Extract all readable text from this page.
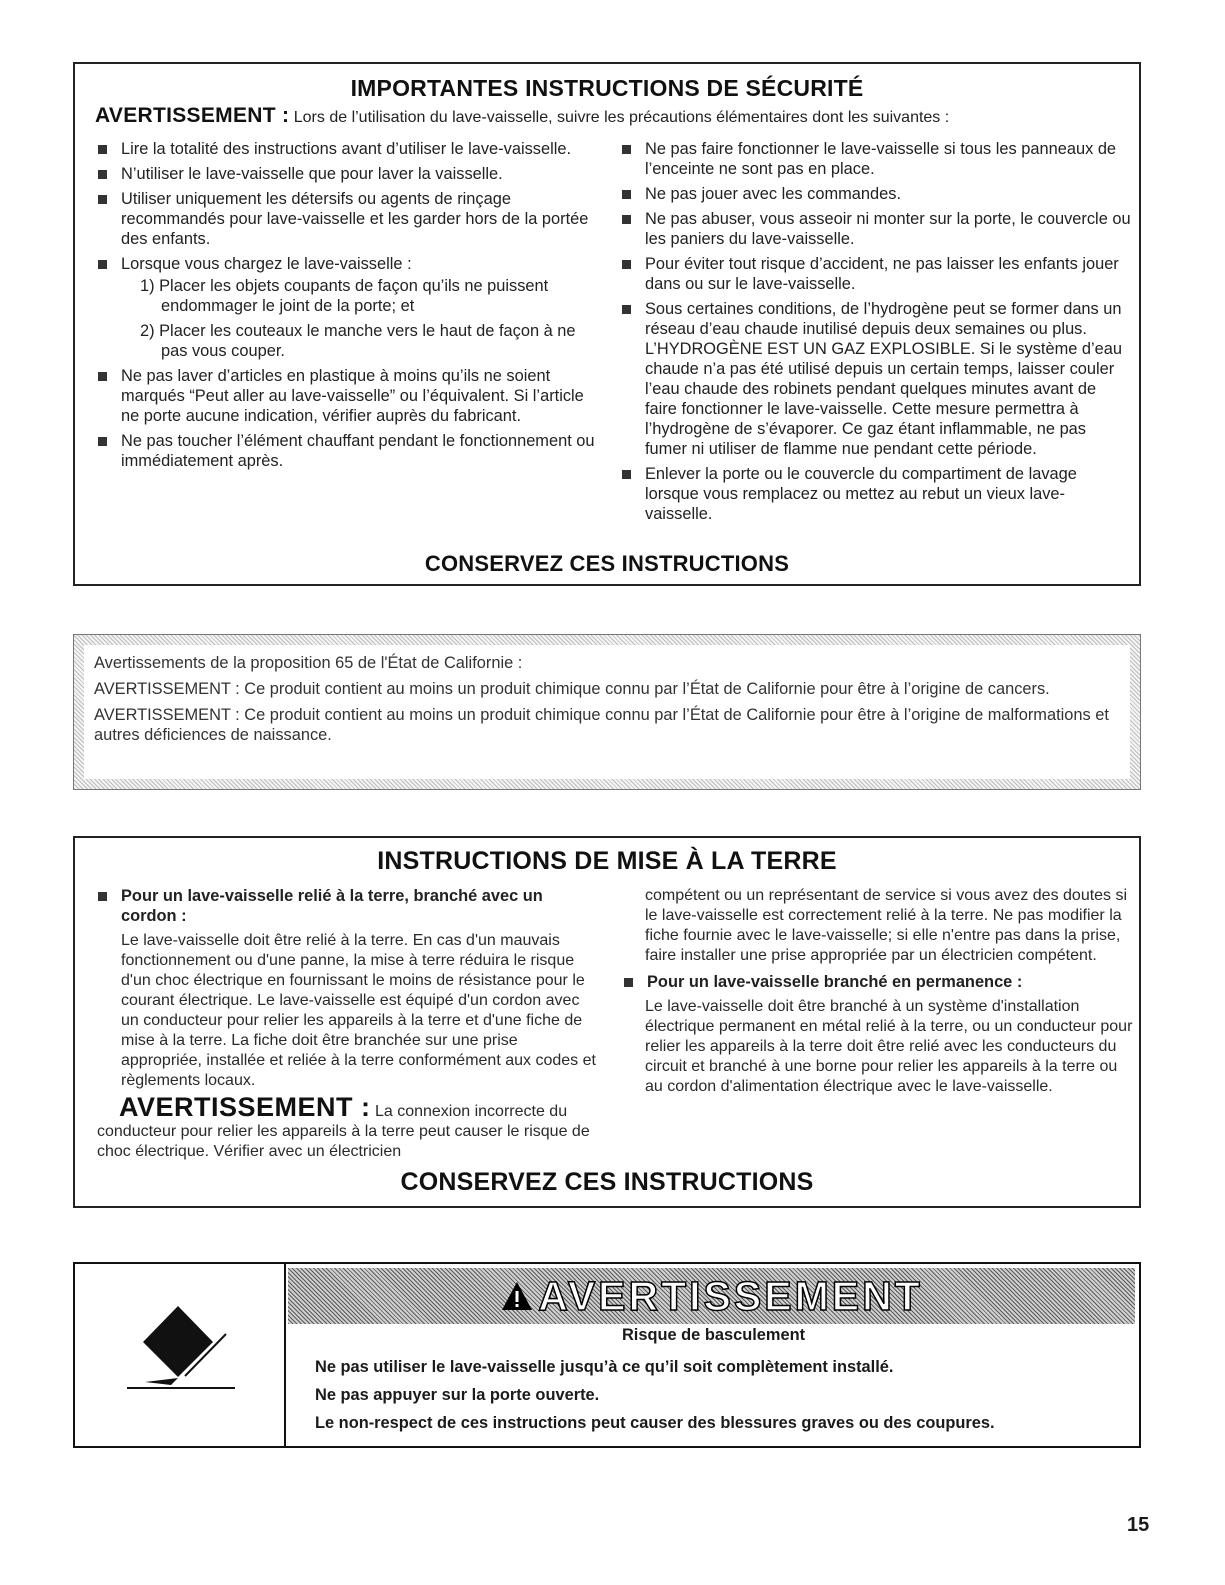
IMPORTANTES INSTRUCTIONS DE SÉCURITÉ
AVERTISSEMENT : Lors de l’utilisation du lave-vaisselle, suivre les précautions élémentaires dont les suivantes :
Lire la totalité des instructions avant d’utiliser le lave-vaisselle.
N’utiliser le lave-vaisselle que pour laver la vaisselle.
Utiliser uniquement les détersifs ou agents de rinçage recommandés pour lave-vaisselle et les garder hors de la portée des enfants.
Lorsque vous chargez le lave-vaisselle :
1) Placer les objets coupants de façon qu’ils ne puissent endommager le joint de la porte; et
2) Placer les couteaux le manche vers le haut de façon à ne pas vous couper.
Ne pas laver d’articles en plastique à moins qu’ils ne soient marqués “Peut aller au lave-vaisselle” ou l’équivalent. Si l’article ne porte aucune indication, vérifier auprès du fabricant.
Ne pas toucher l’élément chauffant pendant le fonctionnement ou immédiatement après.
Ne pas faire fonctionner le lave-vaisselle si tous les panneaux de l’enceinte ne sont pas en place.
Ne pas jouer avec les commandes.
Ne pas abuser, vous asseoir ni monter sur la porte, le couvercle ou les paniers du lave-vaisselle.
Pour éviter tout risque d’accident, ne pas laisser les enfants jouer dans ou sur le lave-vaisselle.
Sous certaines conditions, de l’hydrogène peut se former dans un réseau d’eau chaude inutilisé depuis deux semaines ou plus. L’HYDROGÈNE EST UN GAZ EXPLOSIBLE. Si le système d’eau chaude n’a pas été utilisé depuis un certain temps, laisser couler l’eau chaude des robinets pendant quelques minutes avant de faire fonctionner le lave-vaisselle. Cette mesure permettra à l’hydrogène de s’évaporer. Ce gaz étant inflammable, ne pas fumer ni utiliser de flamme nue pendant cette période.
Enlever la porte ou le couvercle du compartiment de lavage lorsque vous remplacez ou mettez au rebut un vieux lave-vaisselle.
CONSERVEZ CES INSTRUCTIONS

Avertissements de la proposition 65 de l'État de Californie :

AVERTISSEMENT : Ce produit contient au moins un produit chimique connu par l’État de Californie pour être à l’origine de cancers.

AVERTISSEMENT : Ce produit contient au moins un produit chimique connu par l’État de Californie pour être à l’origine de malformations et autres déficiences de naissance.

INSTRUCTIONS DE MISE À LA TERRE
Pour un lave-vaisselle relié à la terre, branché avec un cordon :
Le lave-vaisselle doit être relié à la terre. En cas d'un mauvais fonctionnement ou d'une panne, la mise à terre réduira le risque d'un choc électrique en fournissant le moins de résistance pour le courant électrique. Le lave-vaisselle est équipé d'un cordon avec un conducteur pour relier les appareils à la terre et d'une fiche de mise à la terre. La fiche doit être branchée sur une prise appropriée, installée et reliée à la terre conformément aux codes et règlements locaux.
AVERTISSEMENT : La connexion incorrecte du conducteur pour relier les appareils à la terre peut causer le risque de choc électrique. Vérifier avec un électricien
compétent ou un représentant de service si vous avez des doutes si le lave-vaisselle est correctement relié à la terre. Ne pas modifier la fiche fournie avec le lave-vaisselle; si elle n'entre pas dans la prise, faire installer une prise appropriée par un électricien compétent.
Pour un lave-vaisselle branché en permanence :
Le lave-vaisselle doit être branché à un système d'installation électrique permanent en métal relié à la terre, ou un conducteur pour relier les appareils à la terre doit être relié avec les conducteurs du circuit et branché à une borne pour relier les appareils à la terre ou au cordon d'alimentation électrique avec le lave-vaisselle.
CONSERVEZ CES INSTRUCTIONS
AVERTISSEMENT
Risque de basculement
Ne pas utiliser le lave-vaisselle jusqu’à ce qu’il soit complètement installé.
Ne pas appuyer sur la porte ouverte.
Le non-respect de ces instructions peut causer des blessures graves ou des coupures.
15
